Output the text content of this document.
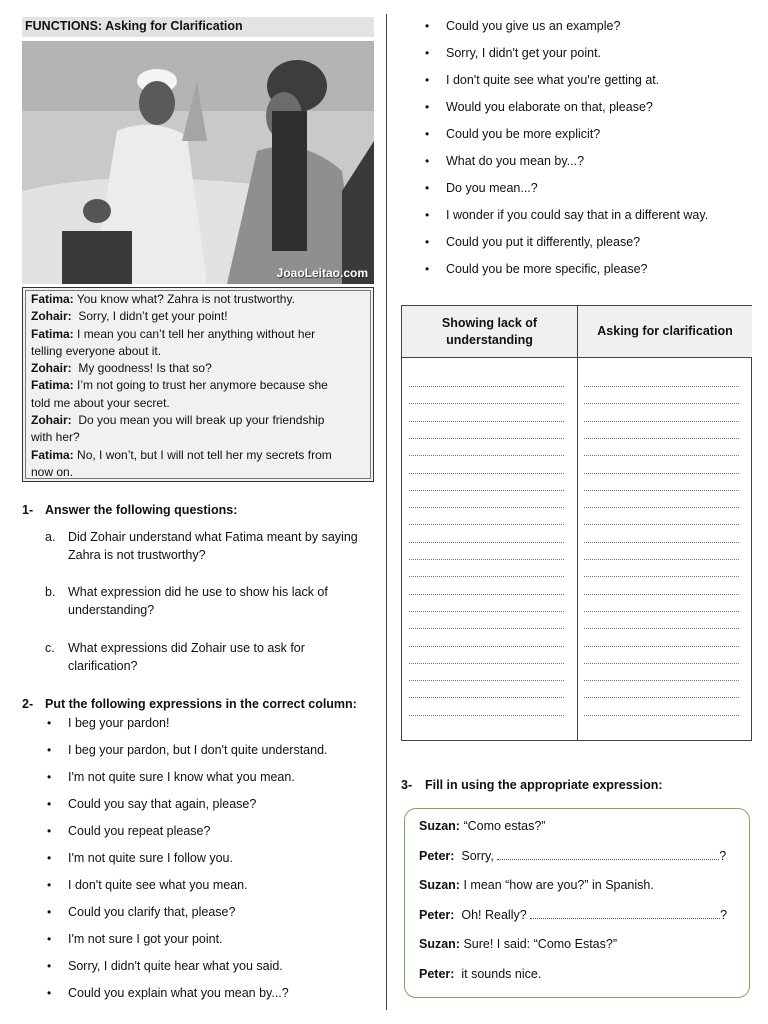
FUNCTIONS: Asking for Clarification
JoaoLeitao.com
Fatima: You know what? Zahra is not trustworthy.
Zohair:  Sorry, I didn’t get your point!
Fatima: I mean you can’t tell her anything without her
telling everyone about it.
Zohair:  My goodness! Is that so?
Fatima: I’m not going to trust her anymore because she
told me about your secret.
Zohair:  Do you mean you will break up your friendship
with her?
Fatima: No, I won’t, but I will not tell her my secrets from
now on.
1- Answer the following questions:
a. Did Zohair understand what Fatima meant by saying
Zahra is not trustworthy?
b. What expression did he use to show his lack of
understanding?
c. What expressions did Zohair use to ask for
clarification?
2- Put the following expressions in the correct column:
• I beg your pardon!
• I beg your pardon, but I don't quite understand.
• I'm not quite sure I know what you mean.
• Could you say that again, please?
• Could you repeat please?
• I'm not quite sure I follow you.
• I don't quite see what you mean.
• Could you clarify that, please?
• I'm not sure I got your point.
• Sorry, I didn't quite hear what you said.
• Could you explain what you mean by...?
• Could you give us an example?
• Sorry, I didn't get your point.
• I don't quite see what you're getting at.
• Would you elaborate on that, please?
• Could you be more explicit?
• What do you mean by...?
• Do you mean...?
• I wonder if you could say that in a different way.
• Could you put it differently, please?
• Could you be more specific, please?
Showing lack of understanding
Asking for clarification
3- Fill in using the appropriate expression:
Suzan: “Como estas?”
Peter:  Sorry,	?
Suzan: I mean “how are you?” in Spanish.
Peter:  Oh! Really?	?
Suzan: Sure! I said: “Como Estas?”
Peter:  it sounds nice.
